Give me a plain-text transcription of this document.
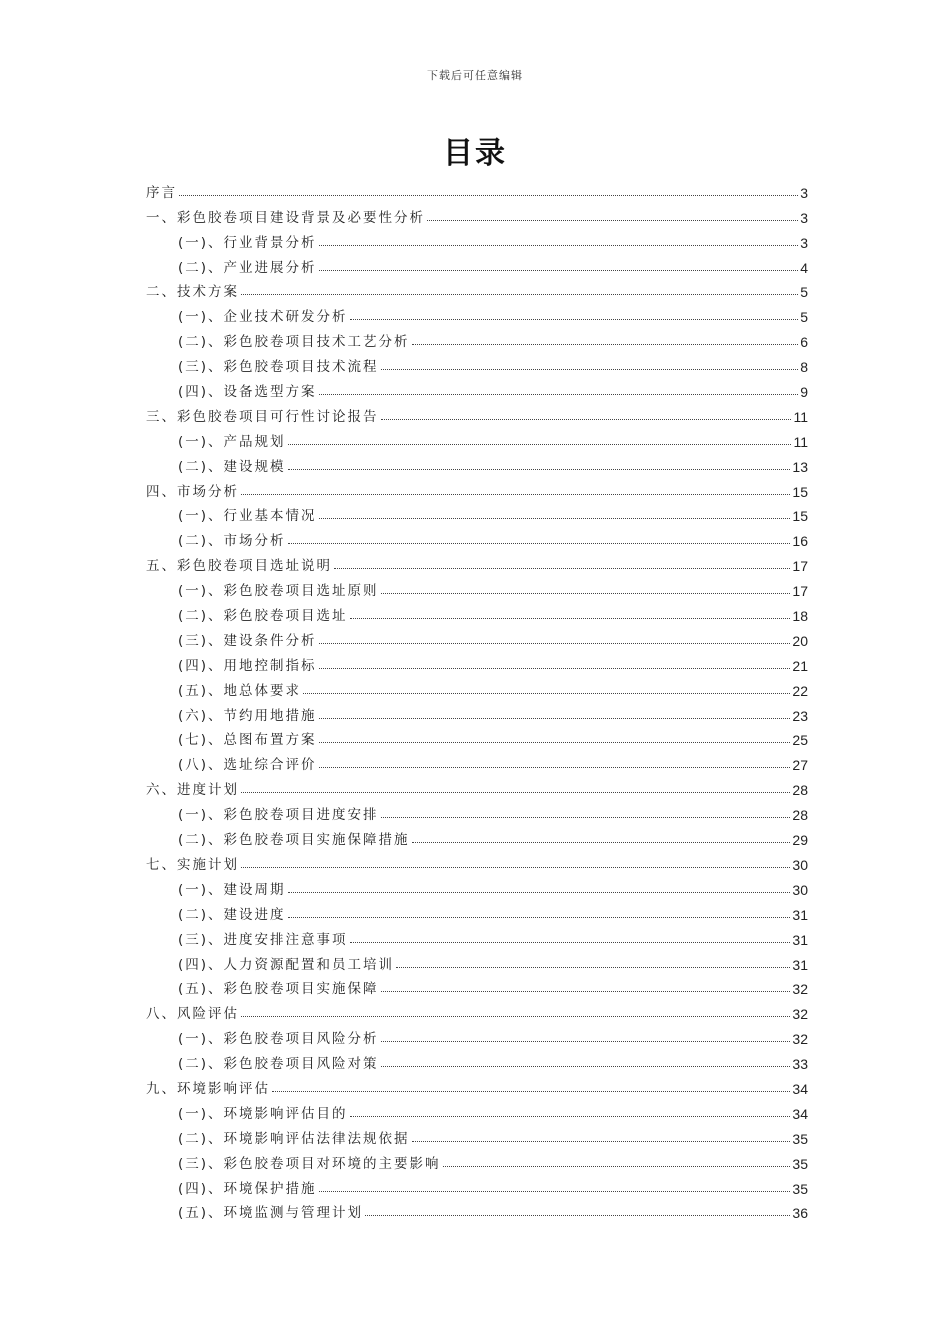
下载后可任意编辑
目录
序言	3
一、彩色胶卷项目建设背景及必要性分析	3
(一)、行业背景分析	3
(二)、产业进展分析	4
二、技术方案	5
(一)、企业技术研发分析	5
(二)、彩色胶卷项目技术工艺分析	6
(三)、彩色胶卷项目技术流程	8
(四)、设备选型方案	9
三、彩色胶卷项目可行性讨论报告	11
(一)、产品规划	11
(二)、建设规模	13
四、市场分析	15
(一)、行业基本情况	15
(二)、市场分析	16
五、彩色胶卷项目选址说明	17
(一)、彩色胶卷项目选址原则	17
(二)、彩色胶卷项目选址	18
(三)、建设条件分析	20
(四)、用地控制指标	21
(五)、地总体要求	22
(六)、节约用地措施	23
(七)、总图布置方案	25
(八)、选址综合评价	27
六、进度计划	28
(一)、彩色胶卷项目进度安排	28
(二)、彩色胶卷项目实施保障措施	29
七、实施计划	30
(一)、建设周期	30
(二)、建设进度	31
(三)、进度安排注意事项	31
(四)、人力资源配置和员工培训	31
(五)、彩色胶卷项目实施保障	32
八、风险评估	32
(一)、彩色胶卷项目风险分析	32
(二)、彩色胶卷项目风险对策	33
九、环境影响评估	34
(一)、环境影响评估目的	34
(二)、环境影响评估法律法规依据	35
(三)、彩色胶卷项目对环境的主要影响	35
(四)、环境保护措施	35
(五)、环境监测与管理计划	36
